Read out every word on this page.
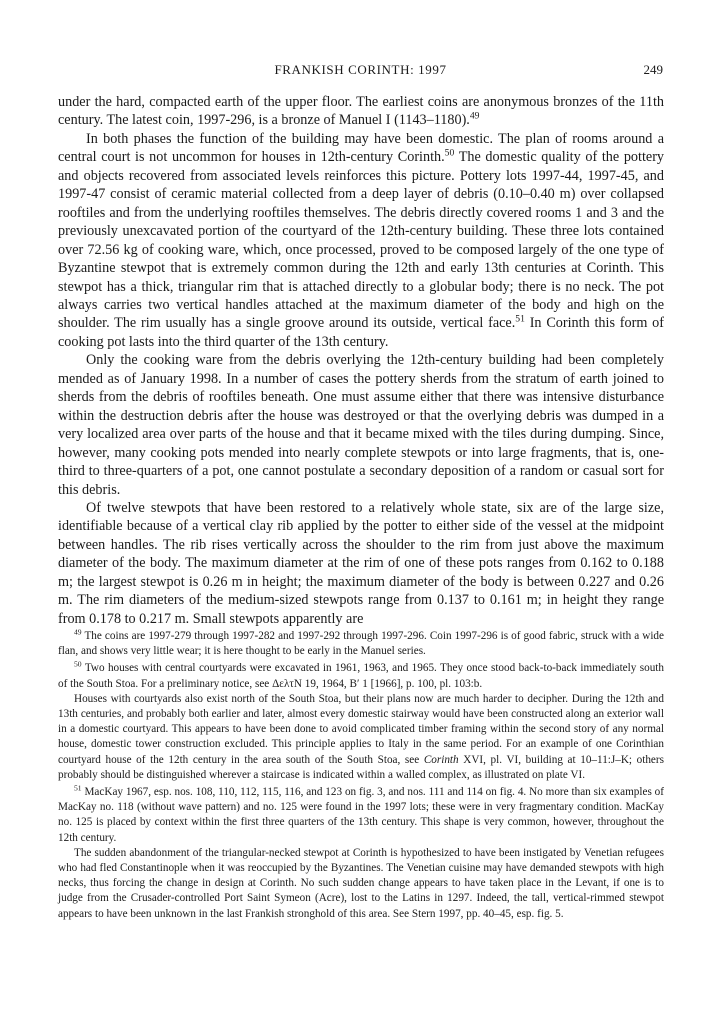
FRANKISH CORINTH: 1997	249

under the hard, compacted earth of the upper floor. The earliest coins are anonymous bronzes of the 11th century. The latest coin, 1997-296, is a bronze of Manuel I (1143–1180).$^{49}$

In both phases the function of the building may have been domestic. The plan of rooms around a central court is not uncommon for houses in 12th-century Corinth.$^{50}$ The domestic quality of the pottery and objects recovered from associated levels reinforces this picture. Pottery lots 1997-44, 1997-45, and 1997-47 consist of ceramic material collected from a deep layer of debris (0.10–0.40 m) over collapsed rooftiles and from the underlying rooftiles themselves. The debris directly covered rooms 1 and 3 and the previously unexcavated portion of the courtyard of the 12th-century building. These three lots contained over 72.56 kg of cooking ware, which, once processed, proved to be composed largely of the one type of Byzantine stewpot that is extremely common during the 12th and early 13th centuries at Corinth. This stewpot has a thick, triangular rim that is attached directly to a globular body; there is no neck. The pot always carries two vertical handles attached at the maximum diameter of the body and high on the shoulder. The rim usually has a single groove around its outside, vertical face.$^{51}$ In Corinth this form of cooking pot lasts into the third quarter of the 13th century.

Only the cooking ware from the debris overlying the 12th-century building had been completely mended as of January 1998. In a number of cases the pottery sherds from the stratum of earth joined to sherds from the debris of rooftiles beneath. One must assume either that there was intensive disturbance within the destruction debris after the house was destroyed or that the overlying debris was dumped in a very localized area over parts of the house and that it became mixed with the tiles during dumping. Since, however, many cooking pots mended into nearly complete stewpots or into large fragments, that is, one-third to three-quarters of a pot, one cannot postulate a secondary deposition of a random or casual sort for this debris.

Of twelve stewpots that have been restored to a relatively whole state, six are of the large size, identifiable because of a vertical clay rib applied by the potter to either side of the vessel at the midpoint between handles. The rib rises vertically across the shoulder to the rim from just above the maximum diameter of the body. The maximum diameter at the rim of one of these pots ranges from 0.162 to 0.188 m; the largest stewpot is 0.26 m in height; the maximum diameter of the body is between 0.227 and 0.26 m. The rim diameters of the medium-sized stewpots range from 0.137 to 0.161 m; in height they range from 0.178 to 0.217 m. Small stewpots apparently are

$^{49}$ The coins are 1997-279 through 1997-282 and 1997-292 through 1997-296. Coin 1997-296 is of good fabric, struck with a wide flan, and shows very little wear; it is here thought to be early in the Manuel series.

$^{50}$ Two houses with central courtyards were excavated in 1961, 1963, and 1965. They once stood back-to-back immediately south of the South Stoa. For a preliminary notice, see ΔελτN 19, 1964, B′ 1 [1966], p. 100, pl. 103:b.

Houses with courtyards also exist north of the South Stoa, but their plans now are much harder to decipher. During the 12th and 13th centuries, and probably both earlier and later, almost every domestic stairway would have been constructed along an exterior wall in a domestic courtyard. This appears to have been done to avoid complicated timber framing within the second story of any normal house, domestic tower construction excluded. This principle applies to Italy in the same period. For an example of one Corinthian courtyard house of the 12th century in the area south of the South Stoa, see Corinth XVI, pl. VI, building at 10–11:J–K; others probably should be distinguished wherever a staircase is indicated within a walled complex, as illustrated on plate VI.

$^{51}$ MacKay 1967, esp. nos. 108, 110, 112, 115, 116, and 123 on fig. 3, and nos. 111 and 114 on fig. 4. No more than six examples of MacKay no. 118 (without wave pattern) and no. 125 were found in the 1997 lots; these were in very fragmentary condition. MacKay no. 125 is placed by context within the first three quarters of the 13th century. This shape is very common, however, throughout the 12th century.

The sudden abandonment of the triangular-necked stewpot at Corinth is hypothesized to have been instigated by Venetian refugees who had fled Constantinople when it was reoccupied by the Byzantines. The Venetian cuisine may have demanded stewpots with high necks, thus forcing the change in design at Corinth. No such sudden change appears to have taken place in the Levant, if one is to judge from the Crusader-controlled Port Saint Symeon (Acre), lost to the Latins in 1297. Indeed, the tall, vertical-rimmed stewpot appears to have been unknown in the last Frankish stronghold of this area. See Stern 1997, pp. 40–45, esp. fig. 5.
